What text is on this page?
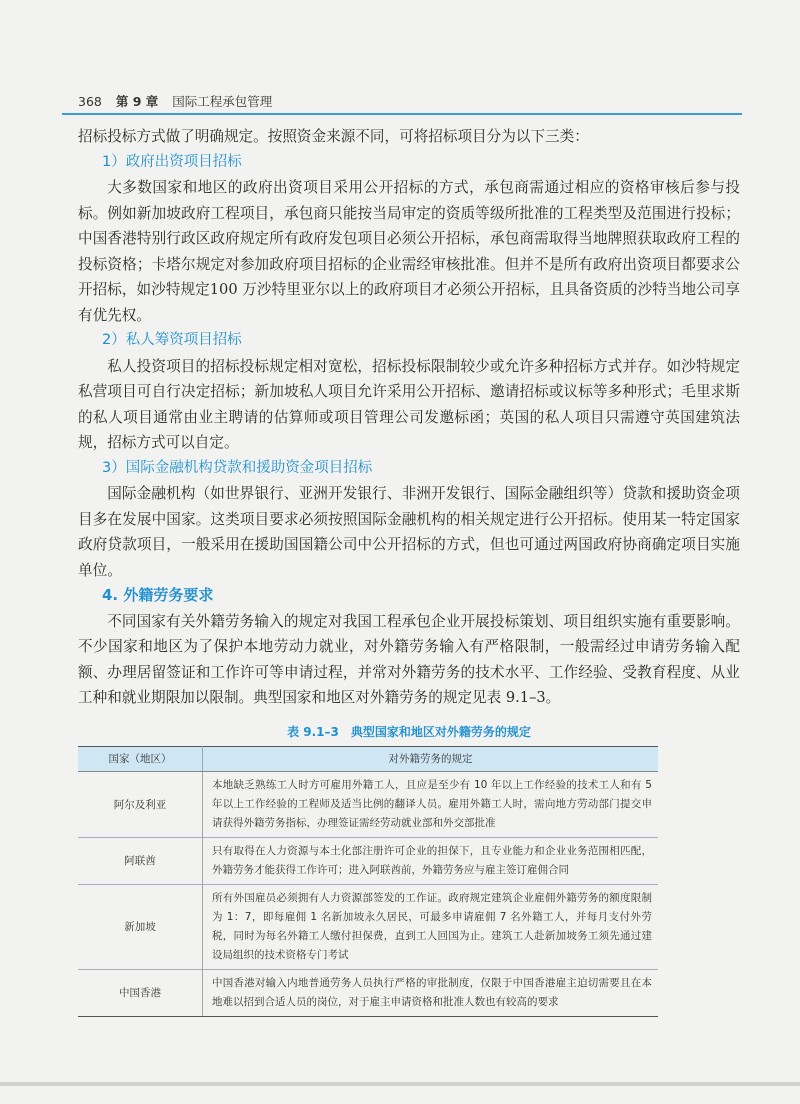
368 第 9 章 国际工程承包管理

招标投标方式做了明确规定。按照资金来源不同，可将招标项目分为以下三类：

1）政府出资项目招标

大多数国家和地区的政府出资项目采用公开招标的方式，承包商需通过相应的资格审核后参与投标。例如新加坡政府工程项目，承包商只能按当局审定的资质等级所批准的工程类型及范围进行投标；中国香港特别行政区政府规定所有政府发包项目必须公开招标，承包商需取得当地牌照获取政府工程的投标资格；卡塔尔规定对参加政府项目招标的企业需经审核批准。但并不是所有政府出资项目都要求公开招标，如沙特规定100 万沙特里亚尔以上的政府项目才必须公开招标，且具备资质的沙特当地公司享有优先权。

2）私人筹资项目招标

私人投资项目的招标投标规定相对宽松，招标投标限制较少或允许多种招标方式并存。如沙特规定私营项目可自行决定招标；新加坡私人项目允许采用公开招标、邀请招标或议标等多种形式；毛里求斯的私人项目通常由业主聘请的估算师或项目管理公司发邀标函；英国的私人项目只需遵守英国建筑法规，招标方式可以自定。

3）国际金融机构贷款和援助资金项目招标

国际金融机构（如世界银行、亚洲开发银行、非洲开发银行、国际金融组织等）贷款和援助资金项目多在发展中国家。这类项目要求必须按照国际金融机构的相关规定进行公开招标。使用某一特定国家政府贷款项目，一般采用在援助国国籍公司中公开招标的方式，但也可通过两国政府协商确定项目实施单位。

4. 外籍劳务要求

不同国家有关外籍劳务输入的规定对我国工程承包企业开展投标策划、项目组织实施有重要影响。不少国家和地区为了保护本地劳动力就业，对外籍劳务输入有严格限制，一般需经过申请劳务输入配额、办理居留签证和工作许可等申请过程，并常对外籍劳务的技术水平、工作经验、受教育程度、从业工种和就业期限加以限制。典型国家和地区对外籍劳务的规定见表 9.1–3。

表 9.1–3　典型国家和地区对外籍劳务的规定
国家（地区）	对外籍劳务的规定
阿尔及利亚	本地缺乏熟练工人时方可雇用外籍工人，且应是至少有 10 年以上工作经验的技术工人和有 5 年以上工作经验的工程师及适当比例的翻译人员。雇用外籍工人时，需向地方劳动部门提交申请获得外籍劳务指标，办理签证需经劳动就业部和外交部批准
阿联酋	只有取得在人力资源与本土化部注册许可企业的担保下，且专业能力和企业业务范围相匹配，外籍劳务才能获得工作许可；进入阿联酋前，外籍劳务应与雇主签订雇佣合同
新加坡	所有外国雇员必须拥有人力资源部签发的工作证。政府规定建筑企业雇佣外籍劳务的额度限制为 1：7，即每雇佣 1 名新加坡永久居民，可最多申请雇佣 7 名外籍工人，并每月支付外劳税，同时为每名外籍工人缴付担保费，直到工人回国为止。建筑工人赴新加坡务工须先通过建设局组织的技术资格专门考试
中国香港	中国香港对输入内地普通劳务人员执行严格的审批制度，仅限于中国香港雇主迫切需要且在本地难以招到合适人员的岗位，对于雇主申请资格和批准人数也有较高的要求
